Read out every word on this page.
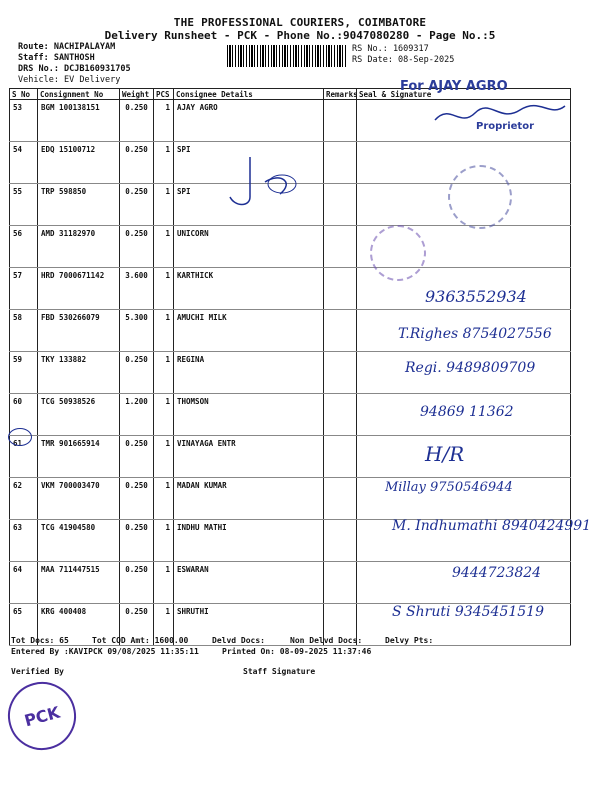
THE PROFESSIONAL COURIERS, COIMBATORE
Delivery Runsheet - PCK - Phone No.:9047080280 - Page No.:5
Route: NACHIPALAYAM
Staff: SANTHOSH
DRS No.: DCJB160931705
Vehicle: EV Delivery
RS No.: 1609317
RS Date: 08-Sep-2025
S No	Consignment No	Weight	PCS	Consignee Details	Remarks	Seal & Signature
53	BGM 100138151	0.250	1	AJAY AGRO		
54	EDQ 15100712	0.250	1	SPI		
55	TRP 598850	0.250	1	SPI		
56	AMD 31182970	0.250	1	UNICORN		
57	HRD 7000671142	3.600	1	KARTHICK		
58	FBD 530266079	5.300	1	AMUCHI MILK		
59	TKY 133882	0.250	1	REGINA		
60	TCG 50938526	1.200	1	THOMSON		
61	TMR 901665914	0.250	1	VINAYAGA ENTR		
62	VKM 700003470	0.250	1	MADAN KUMAR		
63	TCG 41904580	0.250	1	INDHU MATHI		
64	MAA 711447515	0.250	1	ESWARAN		
65	KRG 400408	0.250	1	SHRUTHI		
For AJAY AGRO
Proprietor
9363552934
T.Righes 8754027556
Regi. 9489809709
94869 11362
H/R
Millay 9750546944
M. Indhumathi 8940424991
9444723824
S Shruti 9345451519
Tot Docs: 65	Tot COD Amt: 1600.00	Delvd Docs:	Non Delvd Docs:	Delvy Pts:
Entered By :KAVIPCK 09/08/2025 11:35:11	Printed On: 08-09-2025 11:37:46
Verified By	Staff Signature
PCK
